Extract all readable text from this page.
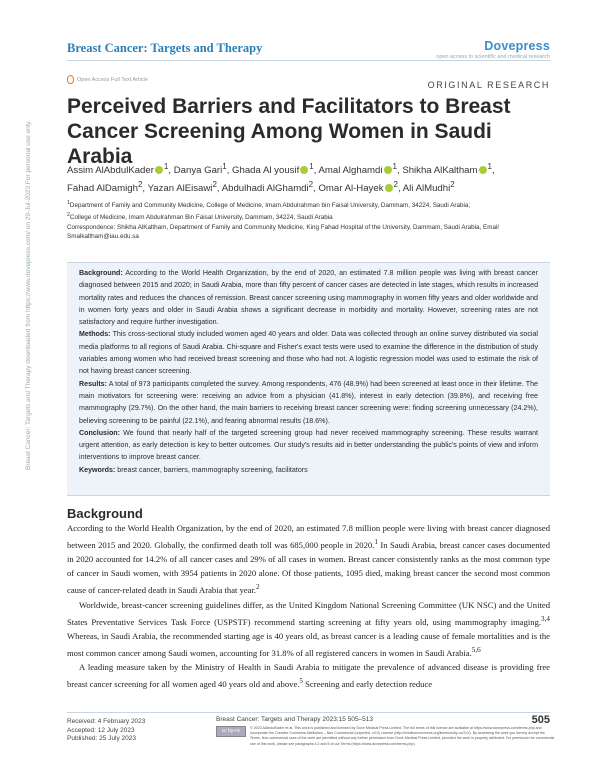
Breast Cancer: Targets and Therapy	Dovepress
open access to scientific and medical research
Open Access Full Text Article
ORIGINAL RESEARCH
Perceived Barriers and Facilitators to Breast Cancer Screening Among Women in Saudi Arabia
Assim AlAbdulKader $^1$, Danya Gari$^1$, Ghada Al yousif $^1$, Amal Alghamdi $^1$, Shikha AlKaltham $^1$,
Fahad AlDamigh$^2$, Yazan AlEisawi$^2$, Abdulhadi AlGhamdi$^2$, Omar Al-Hayek $^2$, Ali AlMudhi$^2$
$^1$Department of Family and Community Medicine, College of Medicine, Imam Abdulrahman bin Faisal University, Dammam, 34224, Saudi Arabia;
$^2$College of Medicine, Imam Abdulrahman Bin Faisal University, Dammam, 34224, Saudi Arabia
Correspondence: Shikha AlKaltham, Department of Family and Community Medicine, King Fahad Hospital of the University, Dammam, Saudi Arabia, Email Smalkaltham@iau.edu.sa

Background: According to the World Health Organization, by the end of 2020, an estimated 7.8 million people was living with breast cancer diagnosed between 2015 and 2020; in Saudi Arabia, more than fifty percent of cancer cases are detected in late stages, which results in increased mortality rates and reduces the chances of remission. Breast cancer screening using mammography in women fifty years and older worldwide and in women forty years and older in Saudi Arabia shows a significant decrease in morbidity and mortality. However, screening rates are not satisfactory and require further investigation.

Methods: This cross-sectional study included women aged 40 years and older. Data was collected through an online survey distributed via social media platforms to all regions of Saudi Arabia. Chi-square and Fisher's exact tests were used to examine the difference in the distribution of study variables among women who had received breast screening and those who had not. A logistic regression model was used to estimate the risk of not having breast cancer screening.

Results: A total of 973 participants completed the survey. Among respondents, 476 (48.9%) had been screened at least once in their lifetime. The main motivators for screening were: receiving an advice from a physician (41.8%), interest in early detection (39.8%), and receiving free mammography (29.7%). On the other hand, the main barriers to receiving breast cancer screening were: finding screening unnecessary (24.2%), believing screening to be painful (22.1%), and fearing abnormal results (18.6%).

Conclusion: We found that nearly half of the targeted screening group had never received mammography screening. These results warrant urgent attention, as early detection is key to better outcomes. Our study's results aid in better understanding the public's points of view and inform interventions to improve breast cancer.

Keywords: breast cancer, barriers, mammography screening, facilitators

Background

According to the World Health Organization, by the end of 2020, an estimated 7.8 million people were living with breast cancer diagnosed between 2015 and 2020. Globally, the confirmed death toll was 685,000 people in 2020.$^1$ In Saudi Arabia, breast cancer cases documented in 2020 accounted for 14.2% of all cancer cases and 29% of all cases in women. Breast cancer consistently ranks as the most common type of cancer in Saudi women, with 3954 patients in 2020 alone. Of those patients, 1095 died, making breast cancer the second most common cause of cancer-related death in Saudi Arabia that year.$^2$

Worldwide, breast-cancer screening guidelines differ, as the United Kingdom National Screening Committee (UK NSC) and the United States Preventative Services Task Force (USPSTF) recommend starting screening at fifty years old, using mammography imaging.$^{3,4}$ Whereas, in Saudi Arabia, the recommended starting age is 40 years old, as breast cancer is a leading cause of female mortalities and is the most common cancer among Saudi women, accounting for 31.8% of all registered cancers in women in Saudi Arabia.$^{5,6}$

A leading measure taken by the Ministry of Health in Saudi Arabia to mitigate the prevalence of advanced disease is providing free breast cancer screening for all women aged 40 years old and above.$^5$ Screening and early detection reduce

Breast Cancer: Targets and Therapy downloaded from https://www.dovepress.com/ on 29-Jul-2023 For personal use only.
Received: 4 February 2023
Accepted: 12 July 2023
Published: 25 July 2023
Breast Cancer: Targets and Therapy 2023:15 505–513	505
cc by-nc	© 2023 AlAbdulKader et al. This work is published and licensed by Dove Medical Press Limited. The full terms of this license are available at https://www.dovepress.com/terms.php and incorporate the Creative Commons Attribution – Non Commercial (unported, v3.0) License (http://creativecommons.org/licenses/by-nc/3.0/). By accessing the work you hereby accept the Terms. Non-commercial uses of the work are permitted without any further permission from Dove Medical Press Limited, provided the work is properly attributed. For permission for commercial use of this work, please see paragraphs 4.2 and 5 of our Terms (https://www.dovepress.com/terms.php).
